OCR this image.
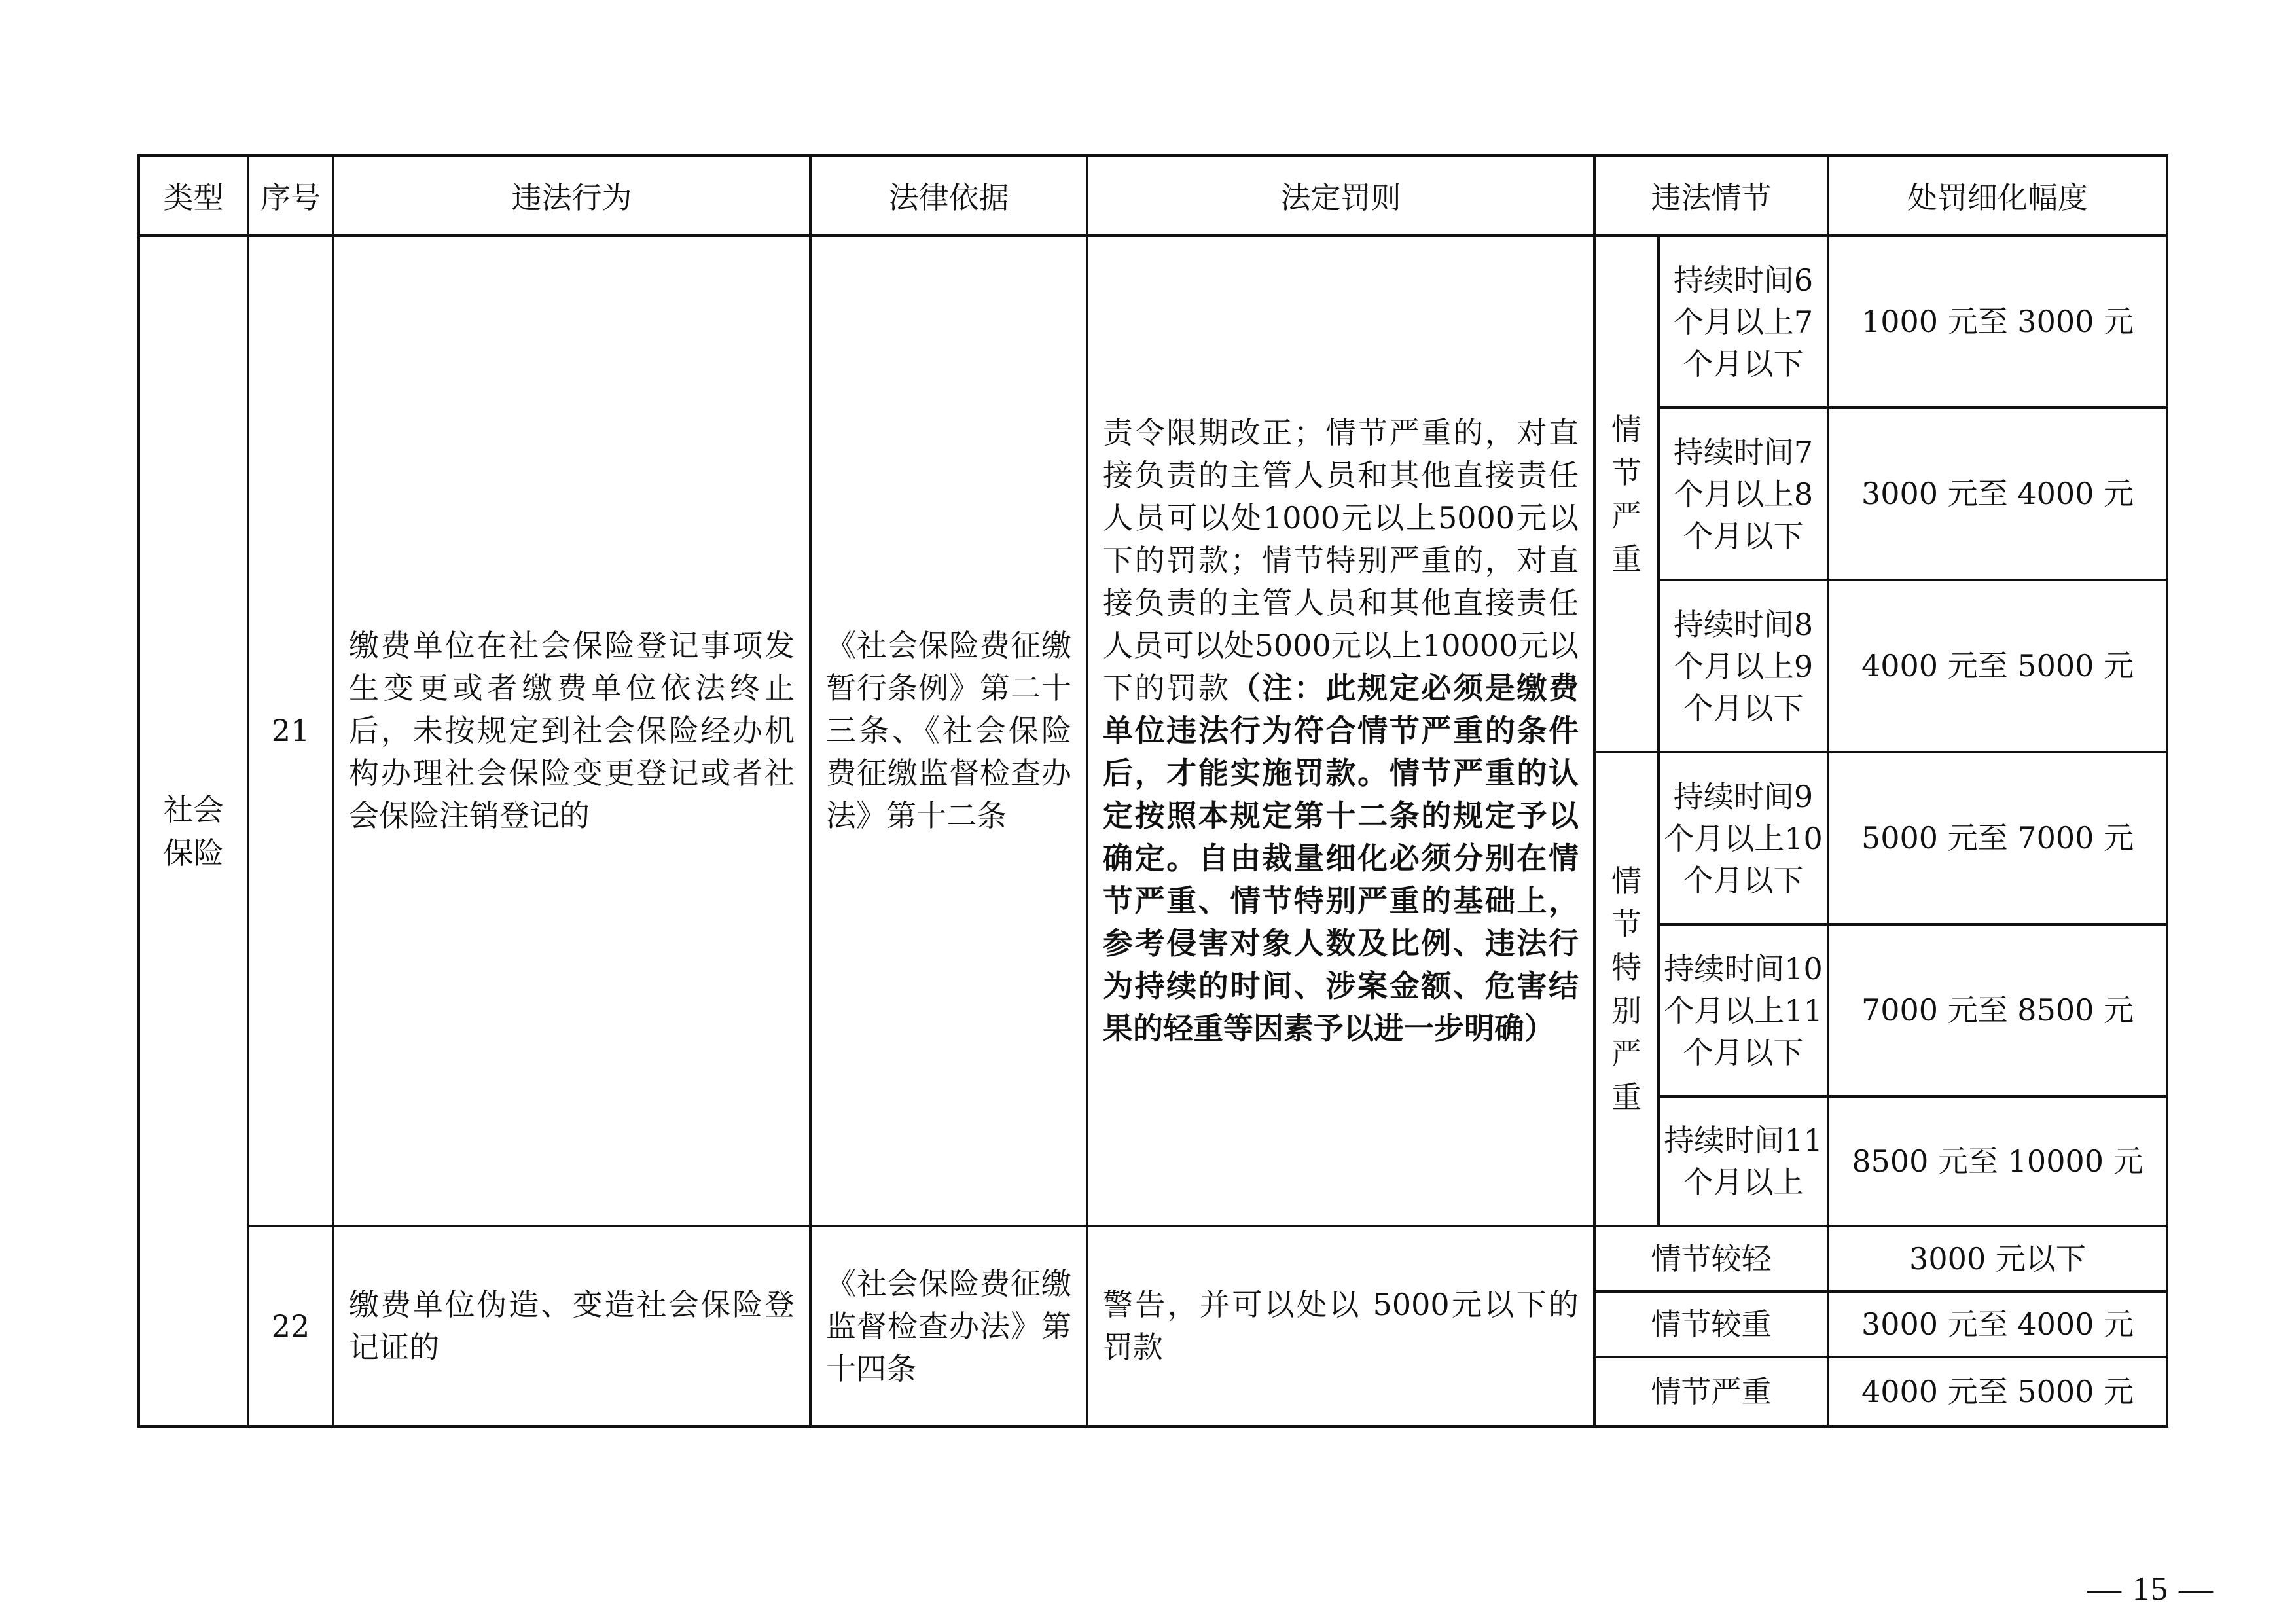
类型	序号	违法行为	法律依据	法定罚则	违法情节		处罚细化幅度

社会保险	21	缴费单位在社会保险登记事项发生变更或者缴费单位依法终止后，未按规定到社会保险经办机构办理社会保险变更登记或者社会保险注销登记的	《社会保险费征缴暂行条例》第二十三条、《社会保险费征缴监督检查办法》第十二条	责令限期改正；情节严重的，对直接负责的主管人员和其他直接责任人员可以处1000元以上5000元以下的罚款；情节特别严重的，对直接负责的主管人员和其他直接责任人员可以处5000元以上10000元以下的罚款（注：此规定必须是缴费单位违法行为符合情节严重的条件后，才能实施罚款。情节严重的认定按照本规定第十二条的规定予以确定。自由裁量细化必须分别在情节严重、情节特别严重的基础上，参考侵害对象人数及比例、违法行为持续的时间、涉案金额、危害结果的轻重等因素予以进一步明确）	情节严重	持续时间6个月以上7个月以下	1000 元至 3000 元
						持续时间7个月以上8个月以下	3000 元至 4000 元
						持续时间8个月以上9个月以下	4000 元至 5000 元

					情节特别严重	持续时间9个月以上10个月以下	5000 元至 7000 元
						持续时间10个月以上11个月以下	7000 元至 8500 元
						持续时间11个月以上	8500 元至 10000 元
	22	缴费单位伪造、变造社会保险登记证的	《社会保险费征缴监督检查办法》第十四条	警告，并可以处以 5000元以下的罚款	情节较轻		3000 元以下
					情节较重		3000 元至 4000 元
					情节严重		4000 元至 5000 元
— 15 —
